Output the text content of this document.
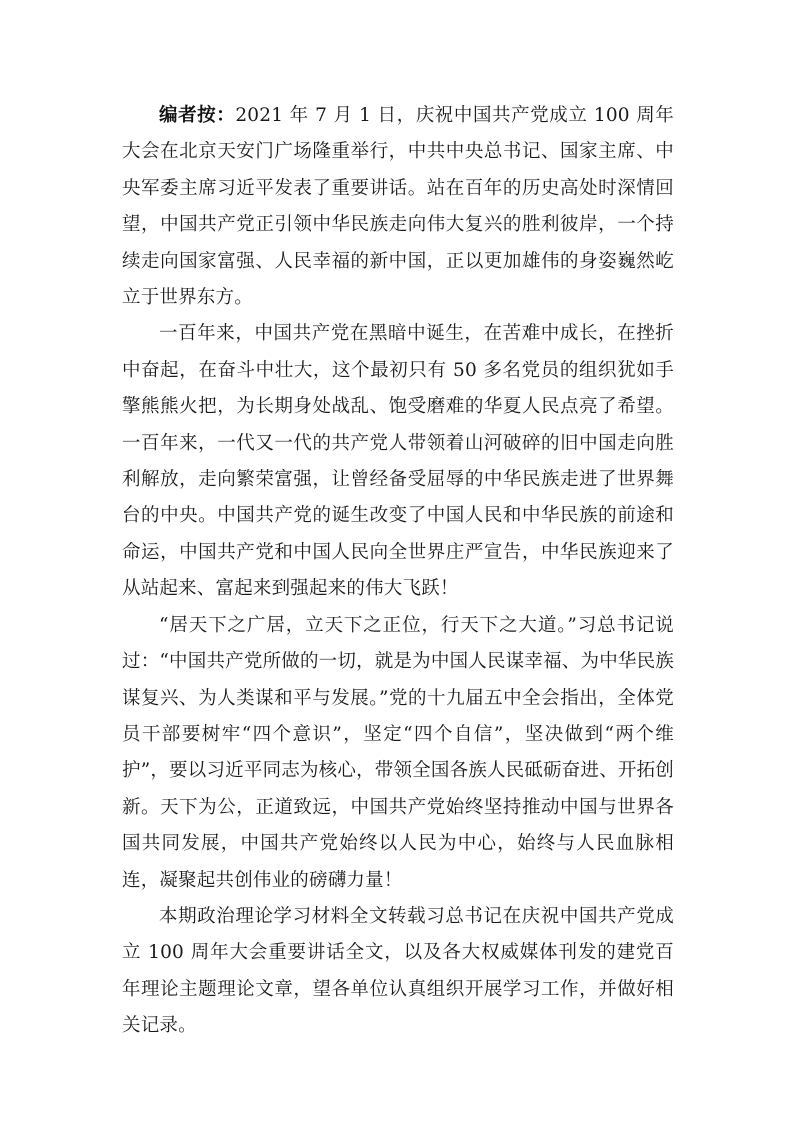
编者按：2021 年 7 月 1 日，庆祝中国共产党成立 100 周年大会在北京天安门广场隆重举行，中共中央总书记、国家主席、中央军委主席习近平发表了重要讲话。站在百年的历史高处时深情回望，中国共产党正引领中华民族走向伟大复兴的胜利彼岸，一个持续走向国家富强、人民幸福的新中国，正以更加雄伟的身姿巍然屹立于世界东方。

一百年来，中国共产党在黑暗中诞生，在苦难中成长，在挫折中奋起，在奋斗中壮大，这个最初只有 50 多名党员的组织犹如手擎熊熊火把，为长期身处战乱、饱受磨难的华夏人民点亮了希望。一百年来，一代又一代的共产党人带领着山河破碎的旧中国走向胜利解放，走向繁荣富强，让曾经备受屈辱的中华民族走进了世界舞台的中央。中国共产党的诞生改变了中国人民和中华民族的前途和命运，中国共产党和中国人民向全世界庄严宣告，中华民族迎来了从站起来、富起来到强起来的伟大飞跃！

“居天下之广居，立天下之正位，行天下之大道。”习总书记说过：“中国共产党所做的一切，就是为中国人民谋幸福、为中华民族谋复兴、为人类谋和平与发展。”党的十九届五中全会指出，全体党员干部要树牢“四个意识”，坚定“四个自信”，坚决做到“两个维护”，要以习近平同志为核心，带领全国各族人民砥砺奋进、开拓创新。天下为公，正道致远，中国共产党始终坚持推动中国与世界各国共同发展，中国共产党始终以人民为中心，始终与人民血脉相连，凝聚起共创伟业的磅礴力量！

本期政治理论学习材料全文转载习总书记在庆祝中国共产党成立 100 周年大会重要讲话全文，以及各大权威媒体刊发的建党百年理论主题理论文章，望各单位认真组织开展学习工作，并做好相关记录。
